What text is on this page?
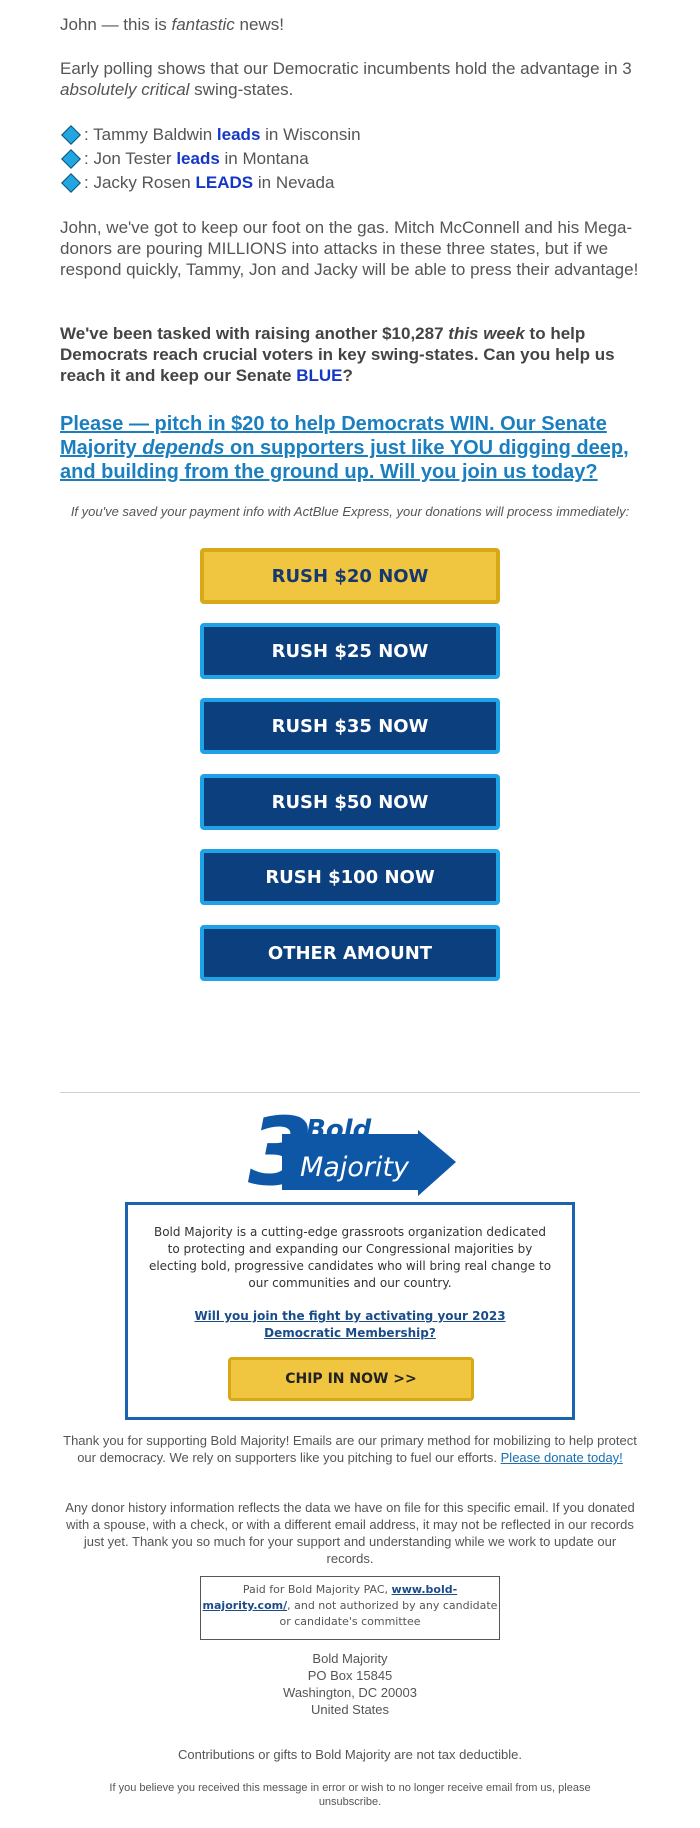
John — this is fantastic news!

Early polling shows that our Democratic incumbents hold the advantage in 3 absolutely critical swing-states.

: Tammy Baldwin
leads
in Wisconsin
: Jon Tester
leads
in Montana
: Jacky Rosen
LEADS
in Nevada

John, we've got to keep our foot on the gas. Mitch McConnell and his Mega-donors are pouring MILLIONS into attacks in these three states, but if we respond quickly, Tammy, Jon and Jacky will be able to press their advantage!

We've been tasked with raising another $10,287 this week to help Democrats reach crucial voters in key swing-states. Can you help us reach it and keep our Senate BLUE?

Please — pitch in $20 to help Democrats WIN. Our Senate Majority depends on supporters just like YOU digging deep, and building from the ground up. Will you join us today?

If you've saved your payment info with ActBlue Express, your donations will process immediately:
RUSH $20 NOW
RUSH $25 NOW
RUSH $35 NOW
RUSH $50 NOW
RUSH $100 NOW
OTHER AMOUNT
3
Bold
Majority
Bold Majority is a cutting-edge grassroots organization dedicated to protecting and expanding our Congressional majorities by electing bold, progressive candidates who will bring real change to our communities and our country.
Will you join the fight by activating your 2023 Democratic Membership?
CHIP IN NOW >>
Thank you for supporting Bold Majority! Emails are our primary method for mobilizing to help protect our democracy. We rely on supporters like you pitching to fuel our efforts. Please donate today!
Any donor history information reflects the data we have on file for this specific email. If you donated with a spouse, with a check, or with a different email address, it may not be reflected in our records just yet. Thank you so much for your support and understanding while we work to update our records.
Paid for Bold Majority PAC, www.bold-majority.com/, and not authorized by any candidate or candidate's committee
Bold Majority
PO Box 15845
Washington, DC 20003
United States
Contributions or gifts to Bold Majority are not tax deductible.
If you believe you received this message in error or wish to no longer receive email from us, please unsubscribe.
